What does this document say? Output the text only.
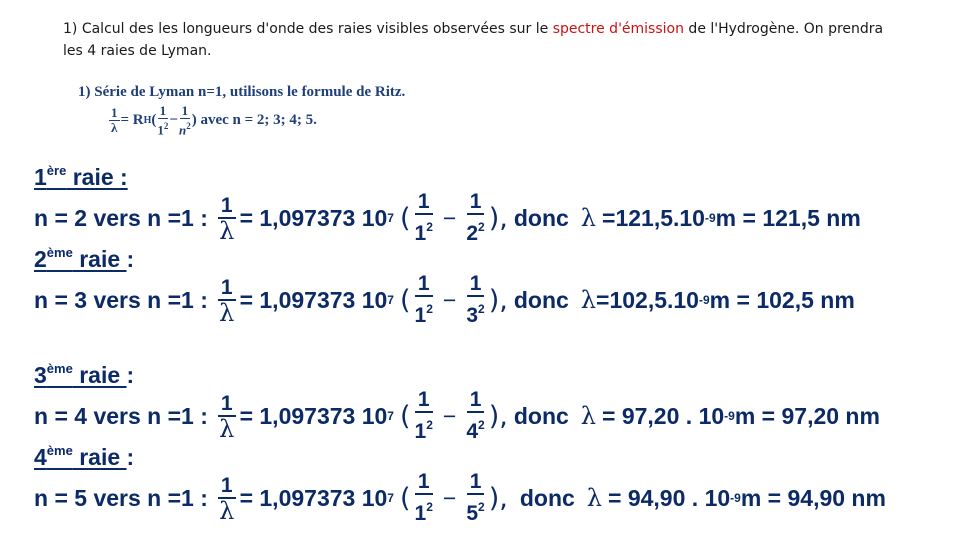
1) Calcul des les longueurs d'onde des raies visibles observées sur le spectre d'émission de l'Hydrogène. On prendra les 4 raies de Lyman.
1) Série de Lyman n=1, utilisons le formule de Ritz.
$\frac{1}{\lambda} = R$ H ( $\frac{1}{1^2} - \frac{1}{n^2}$ ) avec n = 2; 3; 4; 5.
1ère raie :
n = 2 vers n =1 : $\frac{1}{\lambda} = 1,097373$ 10 7 ( $\frac{1}{1^2} - \frac{1}{2^2}$ ), donc λ =121,5.10 -9 m = 121,5 nm
2ème raie :
n = 3 vers n =1 : $\frac{1}{\lambda} = 1,097373$ 10 7 ( $\frac{1}{1^2} - \frac{1}{3^2}$ ), donc λ =102,5.10 -9 m = 102,5 nm
3ème raie :
n = 4 vers n =1 : $\frac{1}{\lambda} = 1,097373$ 10 7 ( $\frac{1}{1^2} - \frac{1}{4^2}$ ), donc λ = 97,20 . 10 -9 m = 97,20 nm
4ème raie :
n = 5 vers n =1 : $\frac{1}{\lambda} = 1,097373$ 10 7 ( $\frac{1}{1^2} - \frac{1}{5^2}$ ), donc λ = 94,90 . 10 -9 m = 94,90 nm
